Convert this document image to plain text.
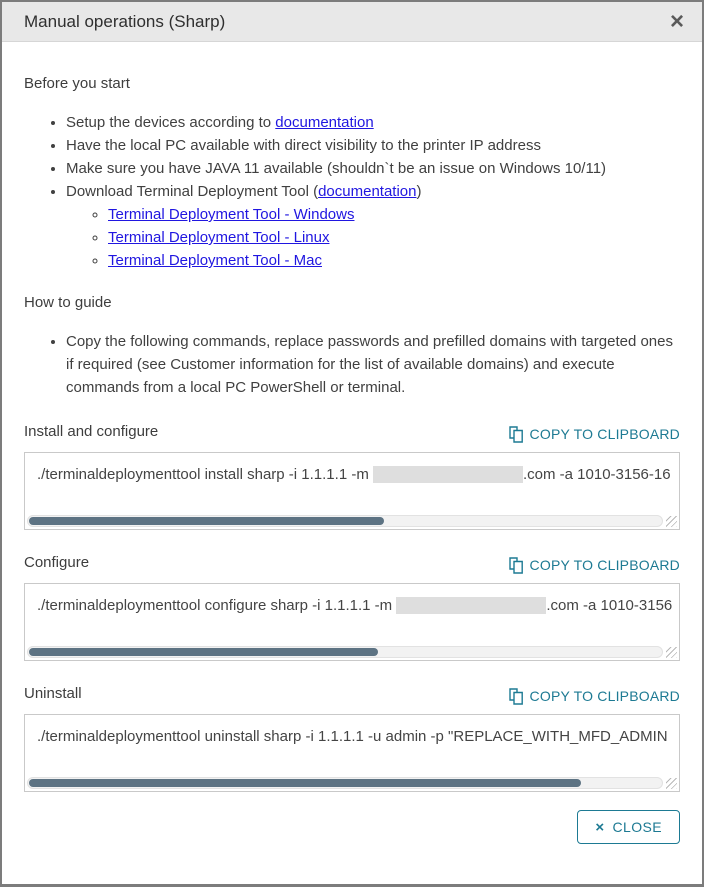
Manual operations (Sharp)	×
Before you start
• Setup the devices according to documentation
• Have the local PC available with direct visibility to the printer IP address
• Make sure you have JAVA 11 available (shouldn`t be an issue on Windows 10/11)
• Download Terminal Deployment Tool (documentation)
◦ Terminal Deployment Tool - Windows
◦ Terminal Deployment Tool - Linux
◦ Terminal Deployment Tool - Mac
How to guide
• Copy the following commands, replace passwords and prefilled domains with targeted ones if required (see Customer information for the list of available domains) and execute commands from a local PC PowerShell or terminal.
Install and configure	COPY TO CLIPBOARD
./terminaldeploymenttool install sharp -i 1.1.1.1 -m	.com -a 1010-3156-16
Configure	COPY TO CLIPBOARD
./terminaldeploymenttool configure sharp -i 1.1.1.1 -m	.com -a 1010-3156
Uninstall	COPY TO CLIPBOARD
./terminaldeploymenttool uninstall sharp -i 1.1.1.1 -u admin -p "REPLACE_WITH_MFD_ADMIN
× CLOSE
